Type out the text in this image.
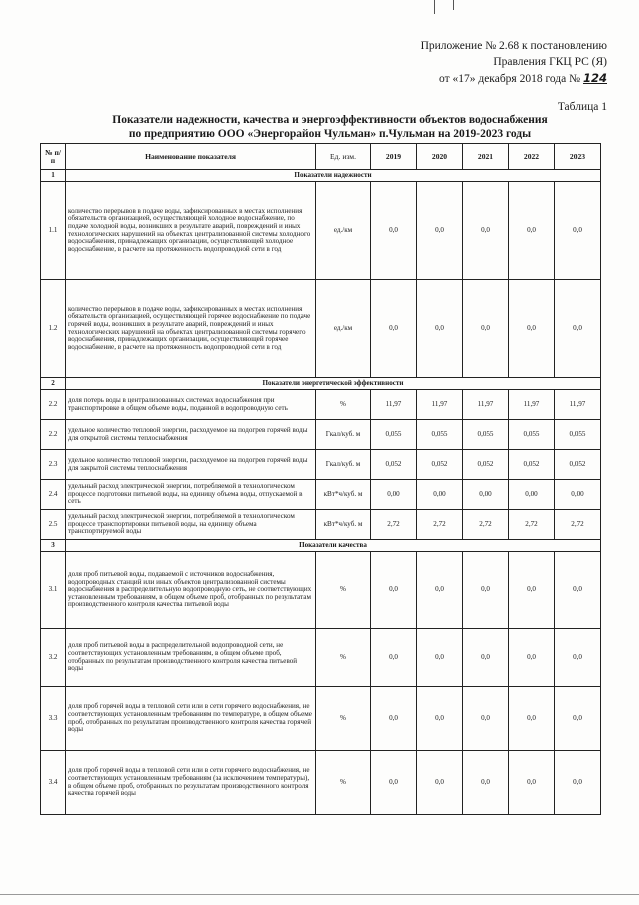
Приложение № 2.68 к постановлению
Правления ГКЦ РС (Я)
от «17» декабря 2018 года № 124
Таблица 1
Показатели надежности, качества и энергоэффективности объектов водоснабжения
по предприятию ООО «Энергорайон Чульман» п.Чульман на 2019-2023 годы
№ п/п	Наименование показателя	Ед. изм.	2019	2020	2021	2022	2023
1	Показатели надежности						
1.1	количество перерывов в подаче воды, зафиксированных в местах исполнения обязательств организацией, осуществляющей холодное водоснабжение, по подаче холодной воды, возникших в результате аварий, повреждений и иных технологических нарушений на объектах централизованной системы холодного водоснабжения, принадлежащих организации, осуществляющей холодное водоснабжение, в расчете на протяженность водопроводной сети в год	ед./км	0,0	0,0	0,0	0,0	0,0
1.2	количество перерывов в подаче воды, зафиксированных в местах исполнения обязательств организацией, осуществляющей горячее водоснабжение по подаче горячей воды, возникших в результате аварий, повреждений и иных технологических нарушений на объектах централизованной системы горячего водоснабжения, принадлежащих организации, осуществляющей горячее водоснабжение, в расчете на протяженность водопроводной сети в год	ед./км	0,0	0,0	0,0	0,0	0,0
2	Показатели энергетической эффективности						
2.2	доля потерь воды в централизованных системах водоснабжения при транспортировке в общем объеме воды, поданной в водопроводную сеть	%	11,97	11,97	11,97	11,97	11,97
2.2	удельное количество тепловой энергии, расходуемое на подогрев горячей воды для открытой системы теплоснабжения	Гкал/куб. м	0,055	0,055	0,055	0,055	0,055
2.3	удельное количество тепловой энергии, расходуемое на подогрев горячей воды для закрытой системы теплоснабжения	Гкал/куб. м	0,052	0,052	0,052	0,052	0,052
2.4	удельный расход электрической энергии, потребляемой в технологическом процессе подготовки питьевой воды, на единицу объема воды, отпускаемой в сеть	кВт*ч/куб. м	0,00	0,00	0,00	0,00	0,00
2.5	удельный расход электрической энергии, потребляемой в технологическом процессе транспортировки питьевой воды, на единицу объема транспортируемой воды	кВт*ч/куб. м	2,72	2,72	2,72	2,72	2,72
3	Показатели качества						
3.1	доля проб питьевой воды, подаваемой с источников водоснабжения, водопроводных станций или иных объектов централизованной системы водоснабжения в распределительную водопроводную сеть, не соответствующих установленным требованиям, в общем объеме проб, отобранных по результатам производственного контроля качества питьевой воды	%	0,0	0,0	0,0	0,0	0,0
3.2	доля проб питьевой воды в распределительной водопроводной сети, не соответствующих установленным требованиям, в общем объеме проб, отобранных по результатам производственного контроля качества питьевой воды	%	0,0	0,0	0,0	0,0	0,0
3.3	доля проб горячей воды в тепловой сети или в сети горячего водоснабжения, не соответствующих установленным требованиям по температуре, в общем объеме проб, отобранных по результатам производственного контроля качества горячей воды	%	0,0	0,0	0,0	0,0	0,0
3.4	доля проб горячей воды в тепловой сети или в сети горячего водоснабжения, не соответствующих установленным требованиям (за исключением температуры), в общем объеме проб, отобранных по результатам производственного контроля качества горячей воды	%	0,0	0,0	0,0	0,0	0,0
